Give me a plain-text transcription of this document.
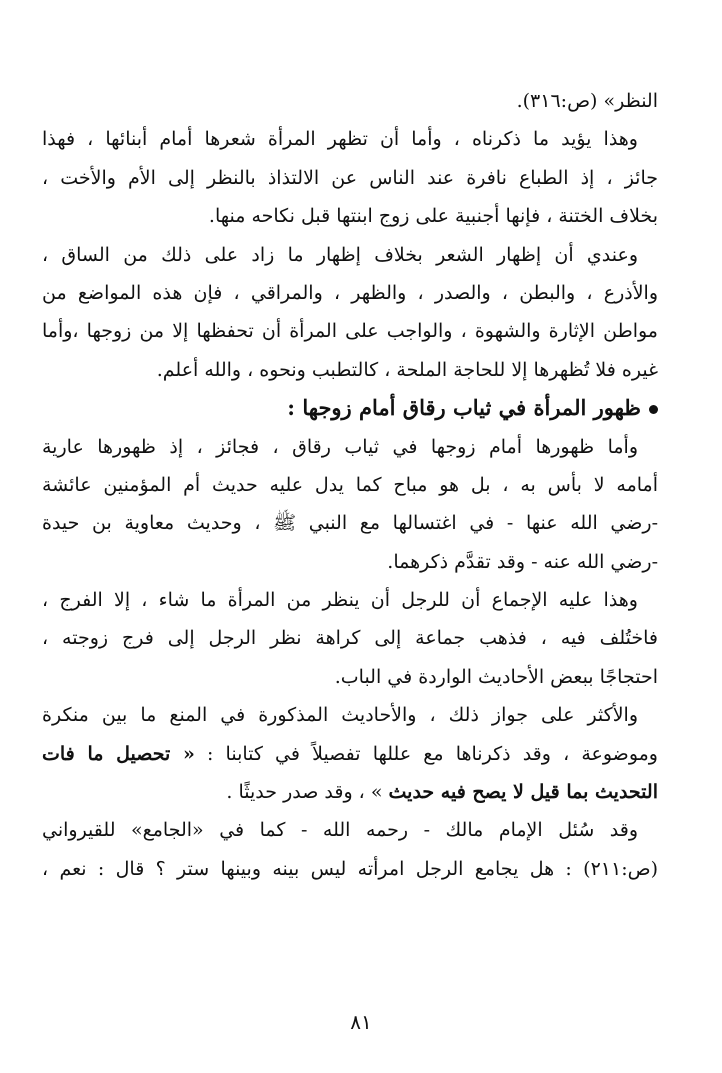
النظر» (ص:٣١٦).
وهذا يؤيد ما ذكرناه ، وأما أن تظهر المرأة شعرها أمام أبنائها ، فهذا
جائز ، إذ الطباع نافرة عند الناس عن الالتذاذ بالنظر إلى الأم والأخت ،
بخلاف الختنة ، فإنها أجنبية على زوج ابنتها قبل نكاحه منها.
وعندي أن إظهار الشعر بخلاف إظهار ما زاد على ذلك من الساق ،
والأذرع ، والبطن ، والصدر ، والظهر ، والمراقي ، فإن هذه المواضع من
مواطن الإثارة والشهوة ، والواجب على المرأة أن تحفظها إلا من زوجها ،وأما
غيره فلا تُظهرها إلا للحاجة الملحة ، كالتطبب ونحوه ، والله أعلم.
ظهور المرأة في ثياب رقاق أمام زوجها :
وأما ظهورها أمام زوجها في ثياب رقاق ، فجائز ، إذ ظهورها عارية
أمامه لا بأس به ، بل هو مباح كما يدل عليه حديث أم المؤمنين عائشة
-رضي الله عنها - في اغتسالها مع النبي ﷺ ، وحديث معاوية بن حيدة
-رضي الله عنه - وقد تقدَّم ذكرهما.
وهذا عليه الإجماع أن للرجل أن ينظر من المرأة ما شاء ، إلا الفرج ،
فاختُلف فيه ، فذهب جماعة إلى كراهة نظر الرجل إلى فرج زوجته ،
احتجاجًا ببعض الأحاديث الواردة في الباب.
والأكثر على جواز ذلك ، والأحاديث المذكورة في المنع ما بين منكرة
وموضوعة ، وقد ذكرناها مع عللها تفصيلاً في كتابنا : « تحصيل ما فات
التحديث بما قيل لا يصح فيه حديث » ، وقد صدر حديثًا .
وقد سُئل الإمام مالك - رحمه الله - كما في «الجامع» للقيرواني
(ص:٢١١) : هل يجامع الرجل امرأته ليس بينه وبينها ستر ؟ قال : نعم ،
٨١
